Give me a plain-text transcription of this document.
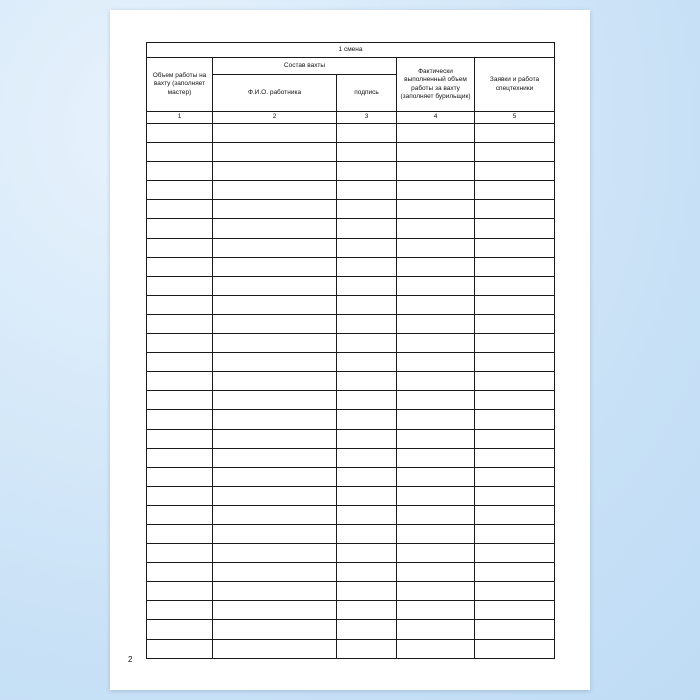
1 смена				
Объем работы на вахту (заполняет мастер)	Состав вахты		Фактически выполненный объем работы за вахту (заполняет бурильщик)	Заявки и работа спецтехники
	Ф.И.О. работника	подпись		
1	2	3	4	5

2
